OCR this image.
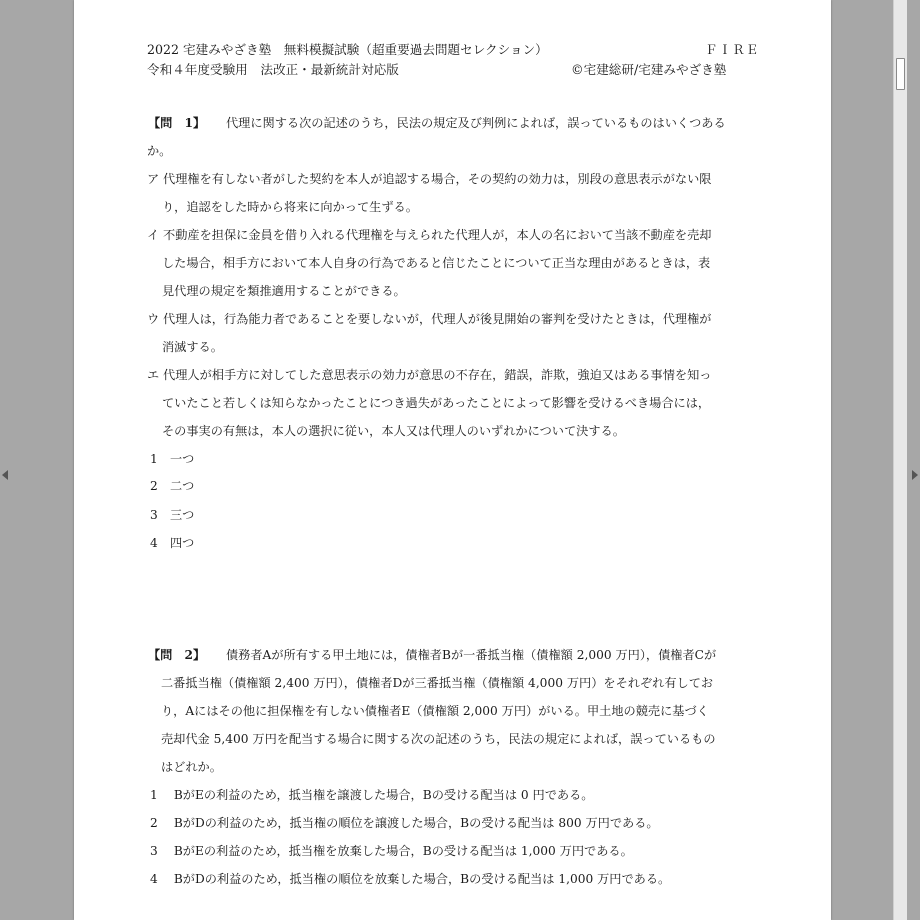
2022 宅建みやざき塾　無料模擬試験（超重要過去問題セレクション）	ＦＩＲＥ
令和４年度受験用　法改正・最新統計対応版	©宅建総研/宅建みやざき塾
【問　1】 代理に関する次の記述のうち，民法の規定及び判例によれば，誤っているものはいくつある
か。
ア 代理権を有しない者がした契約を本人が追認する場合，その契約の効力は，別段の意思表示がない限
り，追認をした時から将来に向かって生ずる。
イ 不動産を担保に金員を借り入れる代理権を与えられた代理人が，本人の名において当該不動産を売却
した場合，相手方において本人自身の行為であると信じたことについて正当な理由があるときは，表
見代理の規定を類推適用することができる。
ウ 代理人は，行為能力者であることを要しないが，代理人が後見開始の審判を受けたときは，代理権が
消滅する。
エ 代理人が相手方に対してした意思表示の効力が意思の不存在，錯誤，詐欺，強迫又はある事情を知っ
ていたこと若しくは知らなかったことにつき過失があったことによって影響を受けるべき場合には，
その事実の有無は，本人の選択に従い，本人又は代理人のいずれかについて決する。
1　一つ
2　二つ
3　三つ
4　四つ
【問　2】 債務者Aが所有する甲土地には，債権者Bが一番抵当権（債権額 2,000 万円），債権者Cが
二番抵当権（債権額 2,400 万円），債権者Dが三番抵当権（債権額 4,000 万円）をそれぞれ有してお
り，Aにはその他に担保権を有しない債権者E（債権額 2,000 万円）がいる。甲土地の競売に基づく
売却代金 5,400 万円を配当する場合に関する次の記述のうち，民法の規定によれば，誤っているもの
はどれか。
1　 BがEの利益のため，抵当権を譲渡した場合，Bの受ける配当は 0 円である。
2　 BがDの利益のため，抵当権の順位を譲渡した場合，Bの受ける配当は 800 万円である。
3　 BがEの利益のため，抵当権を放棄した場合，Bの受ける配当は 1,000 万円である。
4　 BがDの利益のため，抵当権の順位を放棄した場合，Bの受ける配当は 1,000 万円である。
